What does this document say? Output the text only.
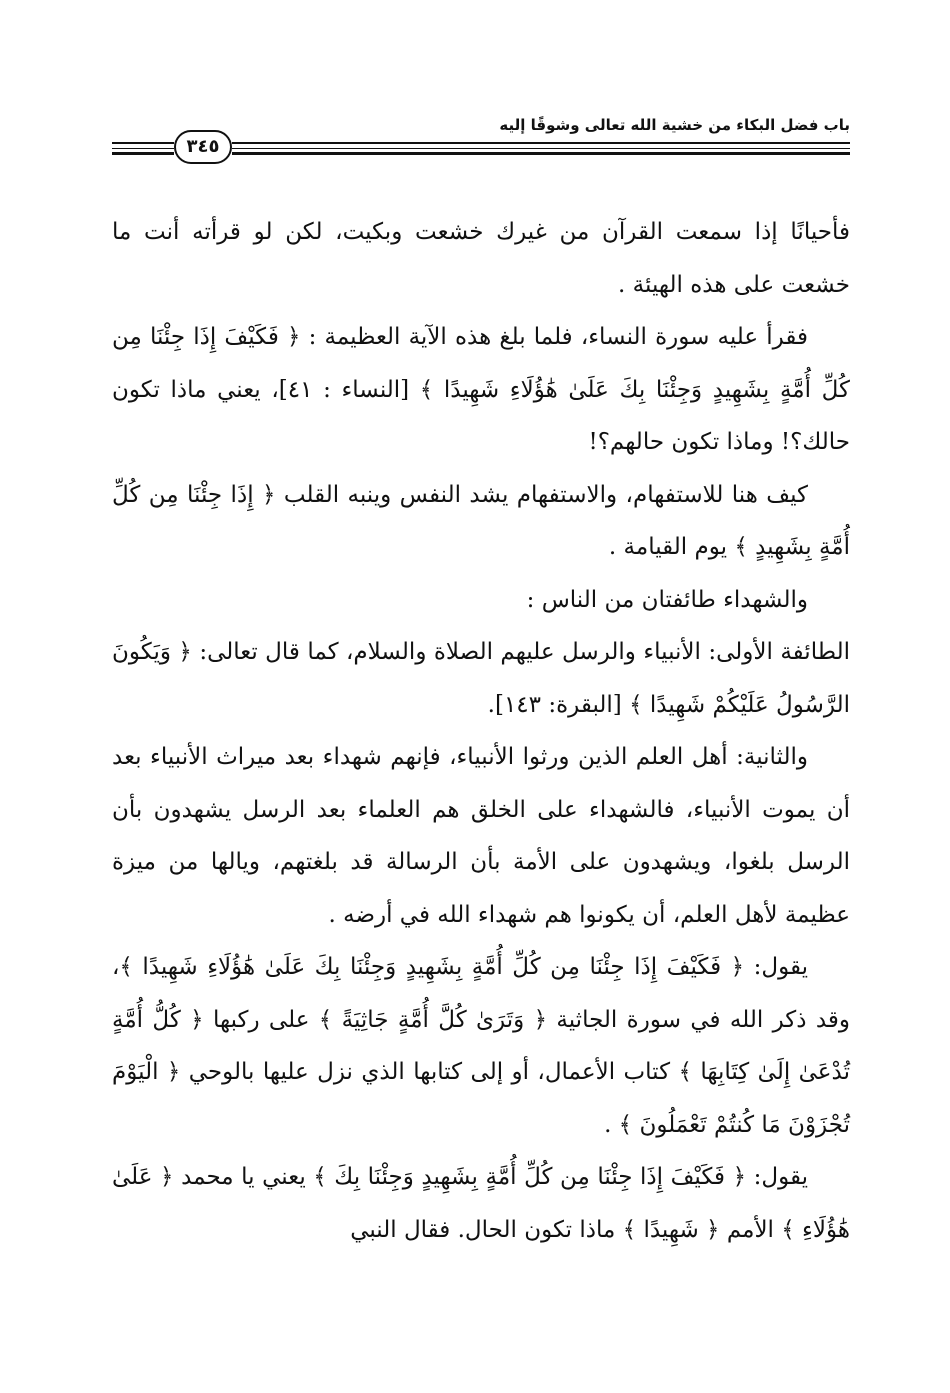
باب فضل البكاء من خشية الله تعالى وشوقًا إليه
٣٤٥

فأحيانًا إذا سمعت القرآن من غيرك خشعت وبكيت، لكن لو قرأته أنت ما خشعت على هذه الهيئة .

فقرأ عليه سورة النساء، فلما بلغ هذه الآية العظيمة : ﴿ فَكَيْفَ إِذَا جِئْنَا مِن كُلِّ أُمَّةٍ بِشَهِيدٍ وَجِئْنَا بِكَ عَلَىٰ هَٰؤُلَاءِ شَهِيدًا ﴾ [النساء : ٤١]، يعني ماذا تكون حالك؟! وماذا تكون حالهم؟!

كيف هنا للاستفهام، والاستفهام يشد النفس وينبه القلب ﴿ إِذَا جِئْنَا مِن كُلِّ أُمَّةٍ بِشَهِيدٍ ﴾ يوم القيامة .

والشهداء طائفتان من الناس :

الطائفة الأولى: الأنبياء والرسل عليهم الصلاة والسلام، كما قال تعالى: ﴿ وَيَكُونَ الرَّسُولُ عَلَيْكُمْ شَهِيدًا ﴾ [البقرة: ١٤٣].

والثانية: أهل العلم الذين ورثوا الأنبياء، فإنهم شهداء بعد ميراث الأنبياء بعد أن يموت الأنبياء، فالشهداء على الخلق هم العلماء بعد الرسل يشهدون بأن الرسل بلغوا، ويشهدون على الأمة بأن الرسالة قد بلغتهم، ويالها من ميزة عظيمة لأهل العلم، أن يكونوا هم شهداء الله في أرضه .

يقول: ﴿ فَكَيْفَ إِذَا جِئْنَا مِن كُلِّ أُمَّةٍ بِشَهِيدٍ وَجِئْنَا بِكَ عَلَىٰ هَٰؤُلَاءِ شَهِيدًا ﴾، وقد ذكر الله في سورة الجاثية ﴿ وَتَرَىٰ كُلَّ أُمَّةٍ جَاثِيَةً ﴾ على ركبها ﴿ كُلُّ أُمَّةٍ تُدْعَىٰ إِلَىٰ كِتَابِهَا ﴾ كتاب الأعمال، أو إلى كتابها الذي نزل عليها بالوحي ﴿ الْيَوْمَ تُجْزَوْنَ مَا كُنتُمْ تَعْمَلُونَ ﴾ .

يقول: ﴿ فَكَيْفَ إِذَا جِئْنَا مِن كُلِّ أُمَّةٍ بِشَهِيدٍ وَجِئْنَا بِكَ ﴾ يعني يا محمد ﴿ عَلَىٰ هَٰؤُلَاءِ ﴾ الأمم ﴿ شَهِيدًا ﴾ ماذا تكون الحال. فقال النبي
